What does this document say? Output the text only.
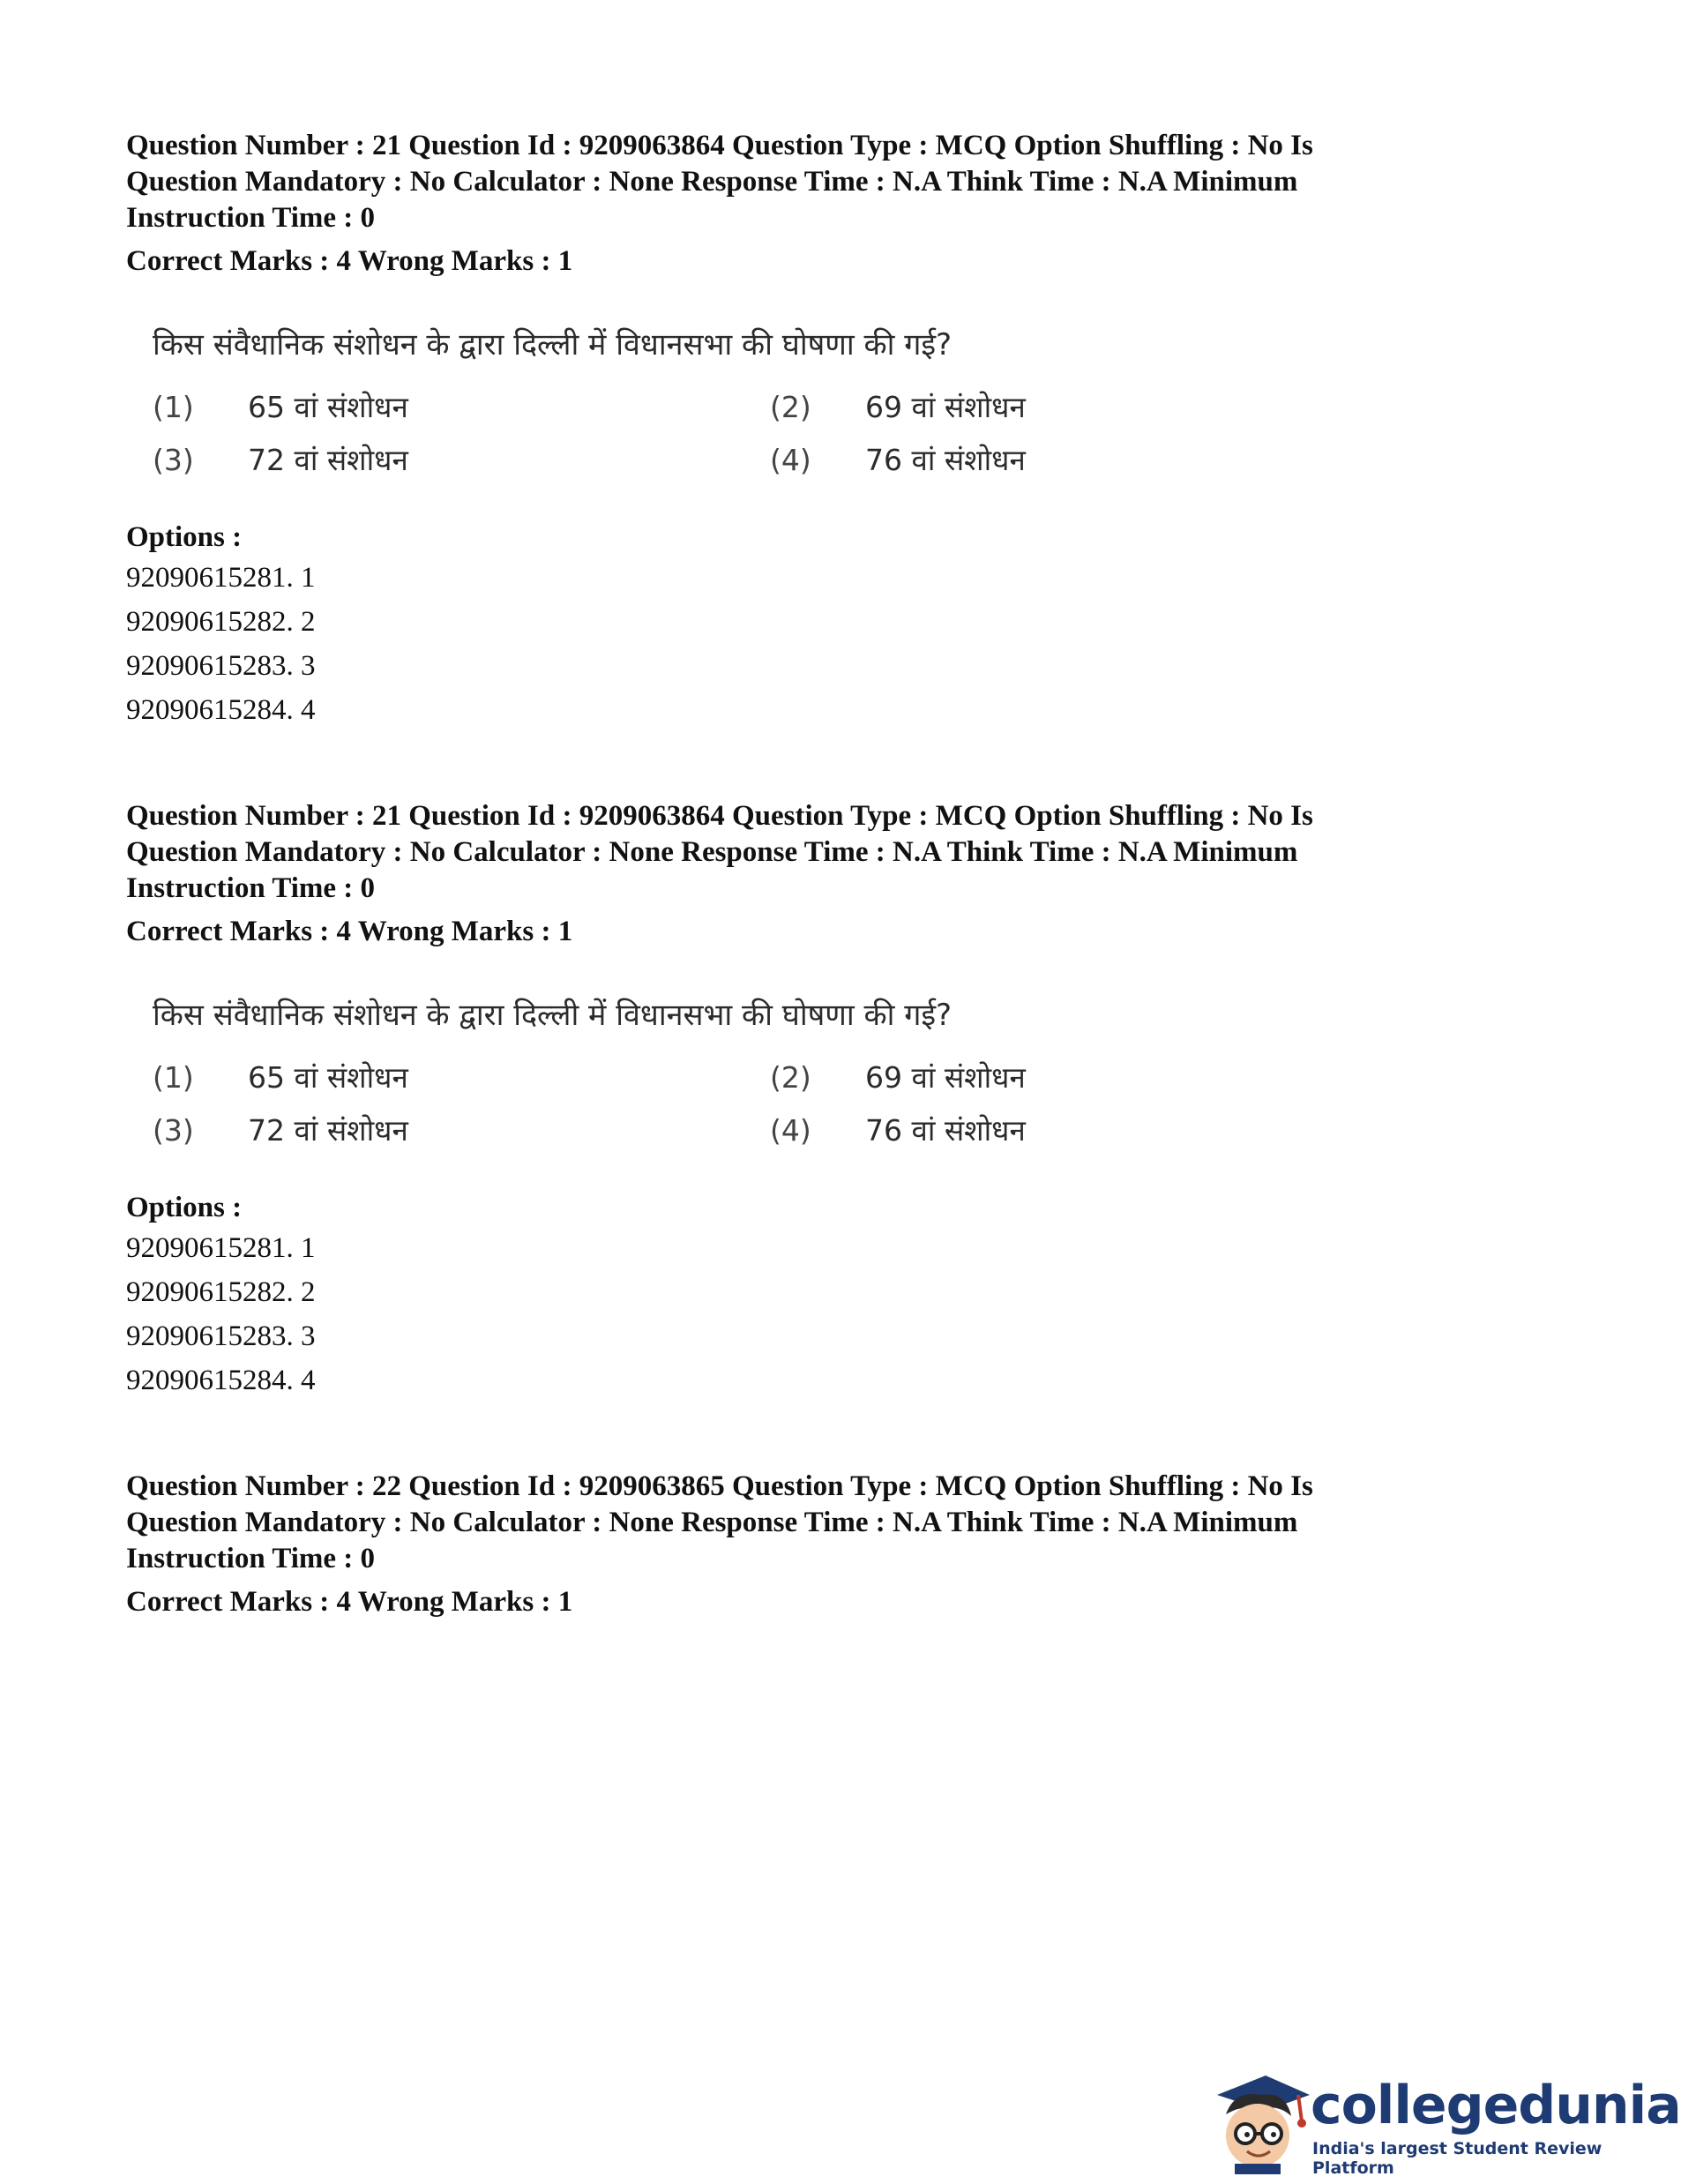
Question Number : 21 Question Id : 9209063864 Question Type : MCQ Option Shuffling : No Is

Question Mandatory : No Calculator : None Response Time : N.A Think Time : N.A Minimum

Instruction Time : 0

Correct Marks : 4 Wrong Marks : 1
किस संवैधानिक संशोधन के द्वारा दिल्ली में विधानसभा की घोषणा की गई?
(1)	65 वां संशोधन	(2)	69 वां संशोधन
(3)	72 वां संशोधन	(4)	76 वां संशोधन
Options :
92090615281. 1
92090615282. 2
92090615283. 3
92090615284. 4

Question Number : 21 Question Id : 9209063864 Question Type : MCQ Option Shuffling : No Is

Question Mandatory : No Calculator : None Response Time : N.A Think Time : N.A Minimum

Instruction Time : 0

Correct Marks : 4 Wrong Marks : 1
किस संवैधानिक संशोधन के द्वारा दिल्ली में विधानसभा की घोषणा की गई?
(1)	65 वां संशोधन	(2)	69 वां संशोधन
(3)	72 वां संशोधन	(4)	76 वां संशोधन
Options :
92090615281. 1
92090615282. 2
92090615283. 3
92090615284. 4

Question Number : 22 Question Id : 9209063865 Question Type : MCQ Option Shuffling : No Is

Question Mandatory : No Calculator : None Response Time : N.A Think Time : N.A Minimum

Instruction Time : 0

Correct Marks : 4 Wrong Marks : 1
collegedunia
India's largest Student Review Platform
